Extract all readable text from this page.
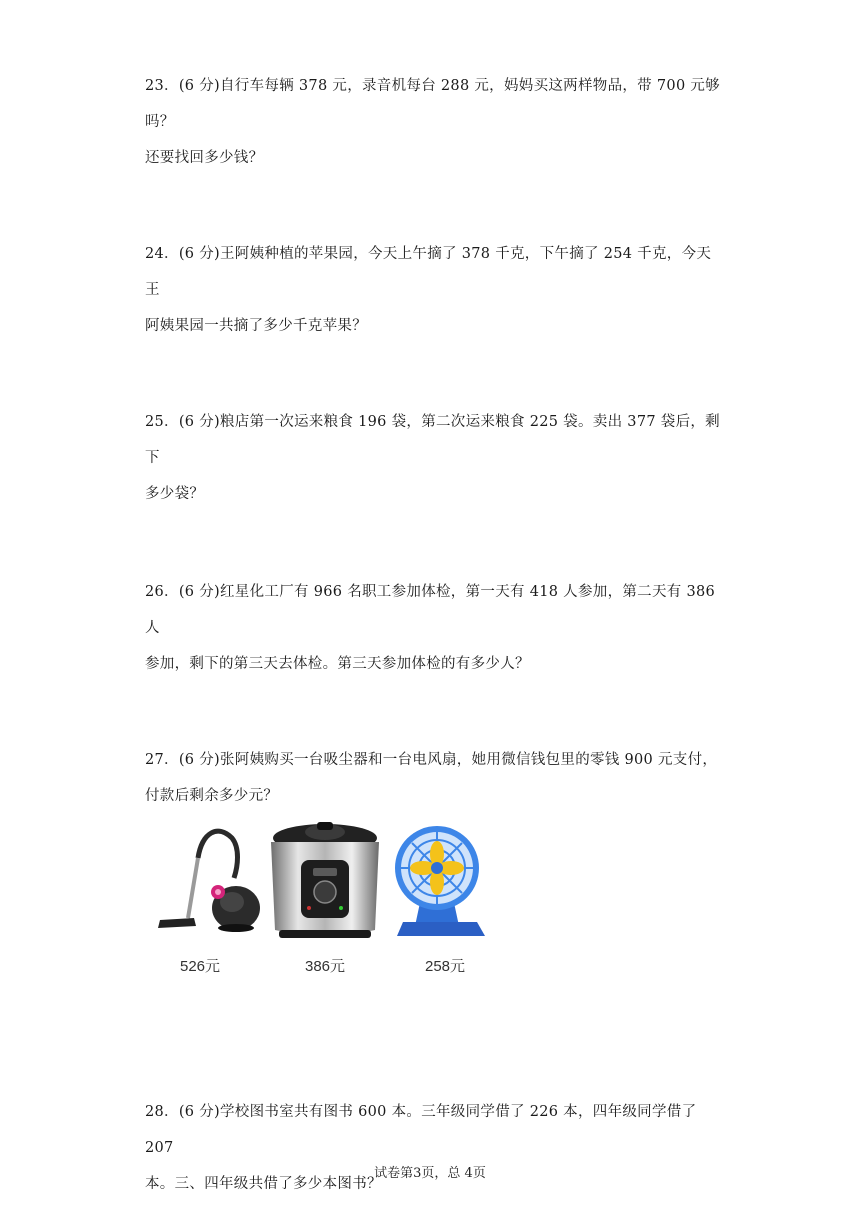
23．(6 分)自行车每辆 378 元，录音机每台 288 元，妈妈买这两样物品，带 700 元够吗？

还要找回多少钱？

24．(6 分)王阿姨种植的苹果园，今天上午摘了 378 千克，下午摘了 254 千克，今天王

阿姨果园一共摘了多少千克苹果？

25．(6 分)粮店第一次运来粮食 196 袋，第二次运来粮食 225 袋。卖出 377 袋后，剩下

多少袋？

26．(6 分)红星化工厂有 966 名职工参加体检，第一天有 418 人参加，第二天有 386 人

参加，剩下的第三天去体检。第三天参加体检的有多少人？

27．(6 分)张阿姨购买一台吸尘器和一台电风扇，她用微信钱包里的零钱 900 元支付，

付款后剩余多少元？

526元	386元	258元

28．(6 分)学校图书室共有图书 600 本。三年级同学借了 226 本，四年级同学借了 207

本。三、四年级共借了多少本图书？

试卷第3页，总 4页
